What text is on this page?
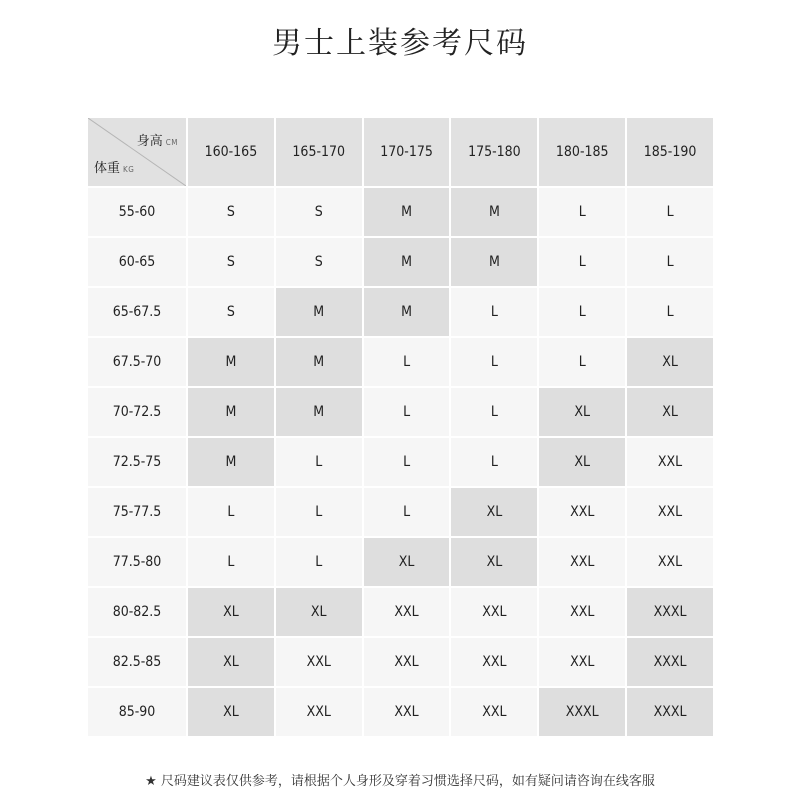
男士上装参考尺码
身高 CM
体重 KG	160-165	165-170	170-175	175-180	180-185	185-190
55-60	S	S	M	M	L	L
60-65	S	S	M	M	L	L
65-67.5	S	M	M	L	L	L
67.5-70	M	M	L	L	L	XL
70-72.5	M	M	L	L	XL	XL
72.5-75	M	L	L	L	XL	XXL
75-77.5	L	L	L	XL	XXL	XXL
77.5-80	L	L	XL	XL	XXL	XXL
80-82.5	XL	XL	XXL	XXL	XXL	XXXL
82.5-85	XL	XXL	XXL	XXL	XXL	XXXL
85-90	XL	XXL	XXL	XXL	XXXL	XXXL
★ 尺码建议表仅供参考，请根据个人身形及穿着习惯选择尺码，如有疑问请咨询在线客服
